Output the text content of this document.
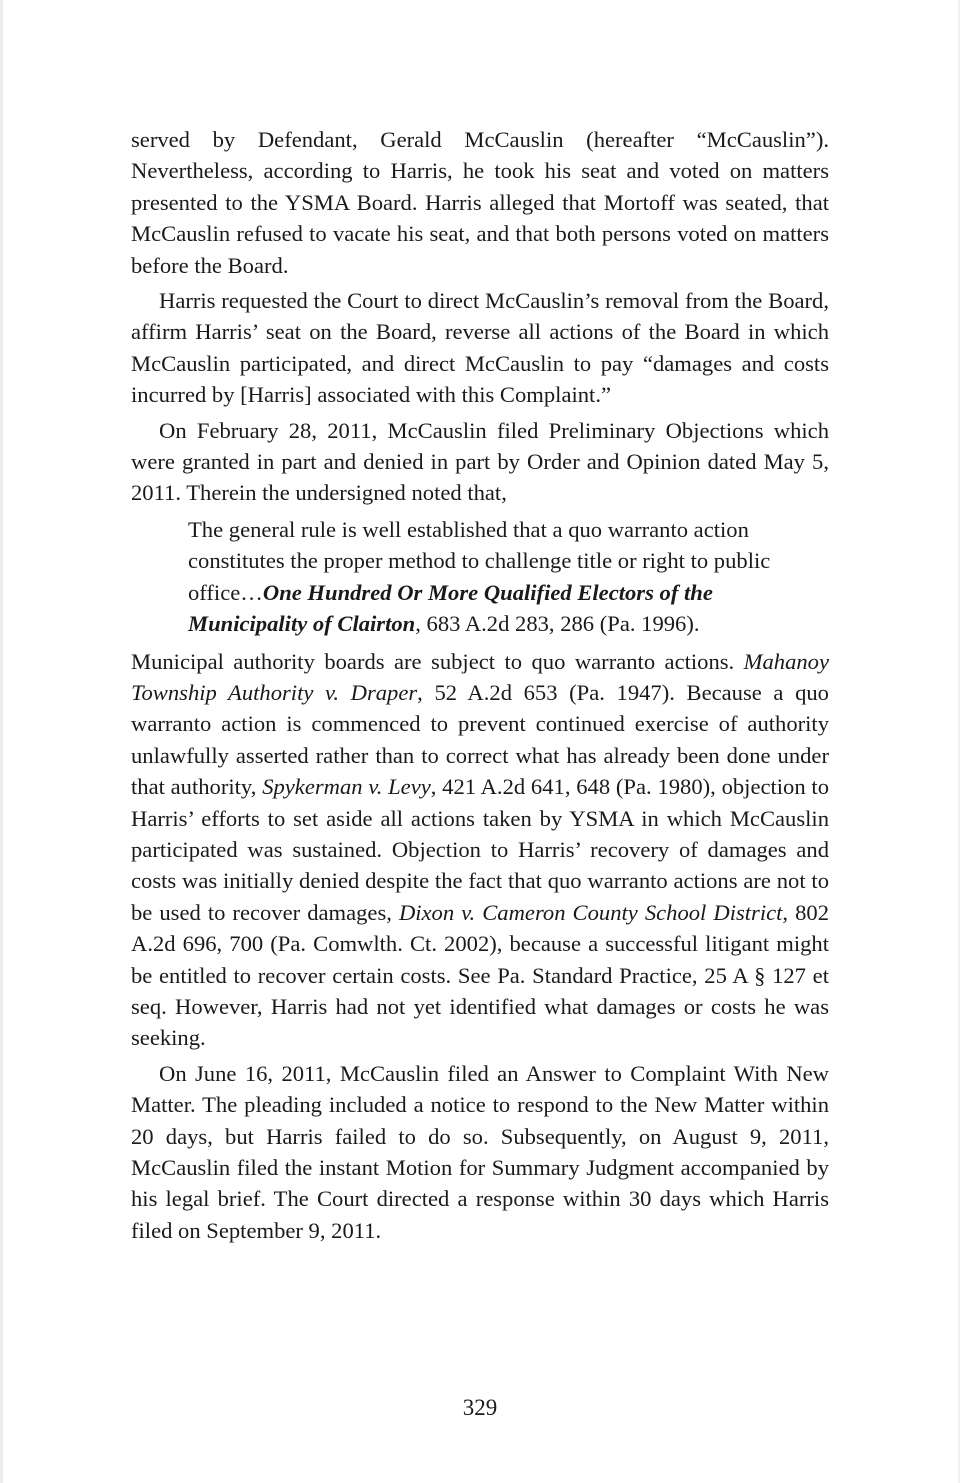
served by Defendant, Gerald McCauslin (hereafter “McCauslin”). Nevertheless, according to Harris, he took his seat and voted on matters presented to the YSMA Board. Harris alleged that Mortoff was seated, that McCauslin refused to vacate his seat, and that both persons voted on matters before the Board.

Harris requested the Court to direct McCauslin’s removal from the Board, affirm Harris’ seat on the Board, reverse all actions of the Board in which McCauslin participated, and direct McCauslin to pay “damages and costs incurred by [Harris] associated with this Complaint.”

On February 28, 2011, McCauslin filed Preliminary Objections which were granted in part and denied in part by Order and Opinion dated May 5, 2011. Therein the undersigned noted that,

The general rule is well established that a quo warranto action constitutes the proper method to challenge title or right to public office…One Hundred Or More Qualified Electors of the Municipality of Clairton, 683 A.2d 283, 286 (Pa. 1996).

Municipal authority boards are subject to quo warranto actions. Mahanoy Township Authority v. Draper, 52 A.2d 653 (Pa. 1947). Because a quo warranto action is commenced to prevent continued exercise of authority unlawfully asserted rather than to correct what has already been done under that authority, Spykerman v. Levy, 421 A.2d 641, 648 (Pa. 1980), objection to Harris’ efforts to set aside all actions taken by YSMA in which McCauslin participated was sustained. Objection to Harris’ recovery of damages and costs was initially denied despite the fact that quo warranto actions are not to be used to recover damages, Dixon v. Cameron County School District, 802 A.2d 696, 700 (Pa. Comwlth. Ct. 2002), because a successful litigant might be entitled to recover certain costs. See Pa. Standard Practice, 25 A § 127 et seq. However, Harris had not yet identified what damages or costs he was seeking.

On June 16, 2011, McCauslin filed an Answer to Complaint With New Matter. The pleading included a notice to respond to the New Matter within 20 days, but Harris failed to do so. Subsequently, on August 9, 2011, McCauslin filed the instant Motion for Summary Judgment accompanied by his legal brief. The Court directed a response within 30 days which Harris filed on September 9, 2011.

329
